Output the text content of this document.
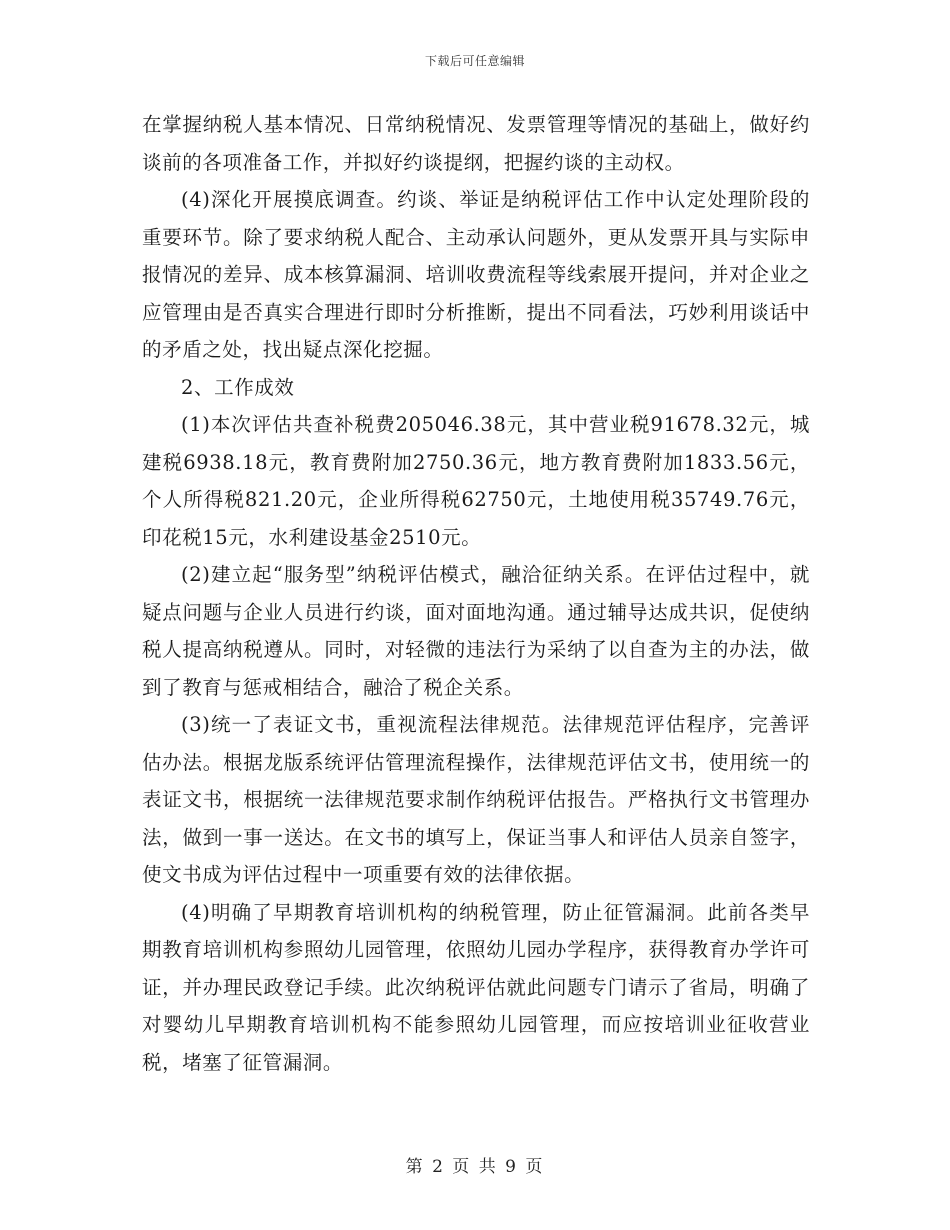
下载后可任意编辑

在掌握纳税人基本情况、日常纳税情况、发票管理等情况的基础上，做好约谈前的各项准备工作，并拟好约谈提纲，把握约谈的主动权。

(4)深化开展摸底调查。约谈、举证是纳税评估工作中认定处理阶段的重要环节。除了要求纳税人配合、主动承认问题外，更从发票开具与实际申报情况的差异、成本核算漏洞、培训收费流程等线索展开提问，并对企业之应管理由是否真实合理进行即时分析推断，提出不同看法，巧妙利用谈话中的矛盾之处，找出疑点深化挖掘。

2、工作成效

(1)本次评估共查补税费205046.38元，其中营业税91678.32元，城建税6938.18元，教育费附加2750.36元，地方教育费附加1833.56元，个人所得税821.20元，企业所得税62750元，土地使用税35749.76元，印花税15元，水利建设基金2510元。

(2)建立起“服务型”纳税评估模式，融洽征纳关系。在评估过程中，就疑点问题与企业人员进行约谈，面对面地沟通。通过辅导达成共识，促使纳税人提高纳税遵从。同时，对轻微的违法行为采纳了以自查为主的办法，做到了教育与惩戒相结合，融洽了税企关系。

(3)统一了表证文书，重视流程法律规范。法律规范评估程序，完善评估办法。根据龙版系统评估管理流程操作，法律规范评估文书，使用统一的表证文书，根据统一法律规范要求制作纳税评估报告。严格执行文书管理办法，做到一事一送达。在文书的填写上，保证当事人和评估人员亲自签字，使文书成为评估过程中一项重要有效的法律依据。

(4)明确了早期教育培训机构的纳税管理，防止征管漏洞。此前各类早期教育培训机构参照幼儿园管理，依照幼儿园办学程序，获得教育办学许可证，并办理民政登记手续。此次纳税评估就此问题专门请示了省局，明确了对婴幼儿早期教育培训机构不能参照幼儿园管理，而应按培训业征收营业税，堵塞了征管漏洞。

第 2 页 共 9 页
